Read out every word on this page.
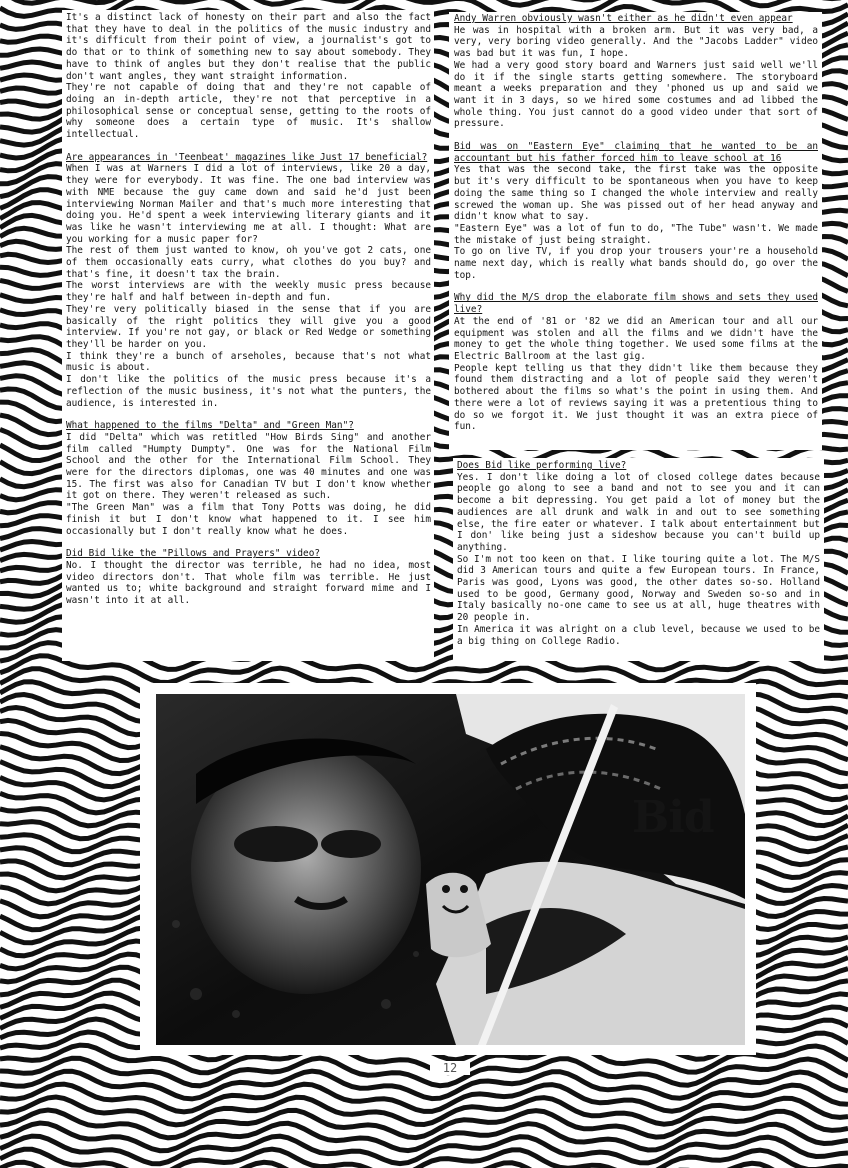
It's a distinct lack of honesty on their part and also the fact that they have to deal in the politics of the music industry and it's difficult from their point of view, a journalist's got to do that or to think of something new to say about somebody. They have to think of angles but they don't realise that the public don't want angles, they want straight information.
They're not capable of doing that and they're not capable of doing an in-depth article, they're not that perceptive in a philosophical sense or conceptual sense, getting to the roots of why someone does a certain type of music. It's shallow intellectual.

Are appearances in 'Teenbeat' magazines like Just 17 beneficial?

When I was at Warners I did a lot of interviews, like 20 a day, they were for everybody. It was fine. The one bad interview was with NME because the guy came down and said he'd just been interviewing Norman Mailer and that's much more interesting that doing you. He'd spent a week interviewing literary giants and it was like he wasn't interviewing me at all. I thought: What are you working for a music paper for?
The rest of them just wanted to know, oh you've got 2 cats, one of them occasionally eats curry, what clothes do you buy? and that's fine, it doesn't tax the brain.
The worst interviews are with the weekly music press because they're half and half between in-depth and fun.
They're very politically biased in the sense that if you are basically of the right politics they will give you a good interview. If you're not gay, or black or Red Wedge or something they'll be harder on you.
I think they're a bunch of arseholes, because that's not what music is about.
I don't like the politics of the music press because it's a reflection of the music business, it's not what the punters, the audience, is interested in.

What happened to the films "Delta" and "Green Man"?

I did "Delta" which was retitled "How Birds Sing" and another film called "Humpty Dumpty". One was for the National Film School and the other for the International Film School. They were for the directors diplomas, one was 40 minutes and one was 15. The first was also for Canadian TV but I don't know whether it got on there. They weren't released as such.
"The Green Man" was a film that Tony Potts was doing, he did finish it but I don't know what happened to it. I see him occasionally but I don't really know what he does.

Did Bid like the "Pillows and Prayers" video?

No. I thought the director was terrible, he had no idea, most video directors don't. That whole film was terrible. He just wanted us to; white background and straight forward mime and I wasn't into it at all.

Andy Warren obviously wasn't either as he didn't even appear

He was in hospital with a broken arm. But it was very bad, a very, very boring video generally. And the "Jacobs Ladder" video was bad but it was fun, I hope.
We had a very good story board and Warners just said well we'll do it if the single starts getting somewhere. The storyboard meant a weeks preparation and they 'phoned us up and said we want it in 3 days, so we hired some costumes and ad libbed the whole thing. You just cannot do a good video under that sort of pressure.

Bid was on "Eastern Eye" claiming that he wanted to be an accountant but his father forced him to leave school at 16

Yes that was the second take, the first take was the opposite but it's very difficult to be spontaneous when you have to keep doing the same thing so I changed the whole interview and really screwed the woman up. She was pissed out of her head anyway and didn't know what to say.
"Eastern Eye" was a lot of fun to do, "The Tube" wasn't. We made the mistake of just being straight.
To go on live TV, if you drop your trousers your're a household name next day, which is really what bands should do, go over the top.

Why did the M/S drop the elaborate film shows and sets they used live?

At the end of '81 or '82 we did an American tour and all our equipment was stolen and all the films and we didn't have the money to get the whole thing together. We used some films at the Electric Ballroom at the last gig.
People kept telling us that they didn't like them because they found them distracting and a lot of people said they weren't bothered about the films so what's the point in using them. And there were a lot of reviews saying it was a pretentious thing to do so we forgot it. We just thought it was an extra piece of fun.

Does Bid like performing live?

Yes. I don't like doing a lot of closed college dates because people go along to see a band and not to see you and it can become a bit depressing. You get paid a lot of money but the audiences are all drunk and walk in and out to see something else, the fire eater or whatever. I talk about entertainment but I don' like being just a sideshow because you can't build up anything.
So I'm not too keen on that. I like touring quite a lot. The M/S did 3 American tours and quite a few European tours. In France, Paris was good, Lyons was good, the other dates so-so. Holland used to be good, Germany good, Norway and Sweden so-so and in Italy basically no-one came to see us at all, huge theatres with 20 people in.
In America it was alright on a club level, because we used to be a big thing on College Radio.

Bid
12
